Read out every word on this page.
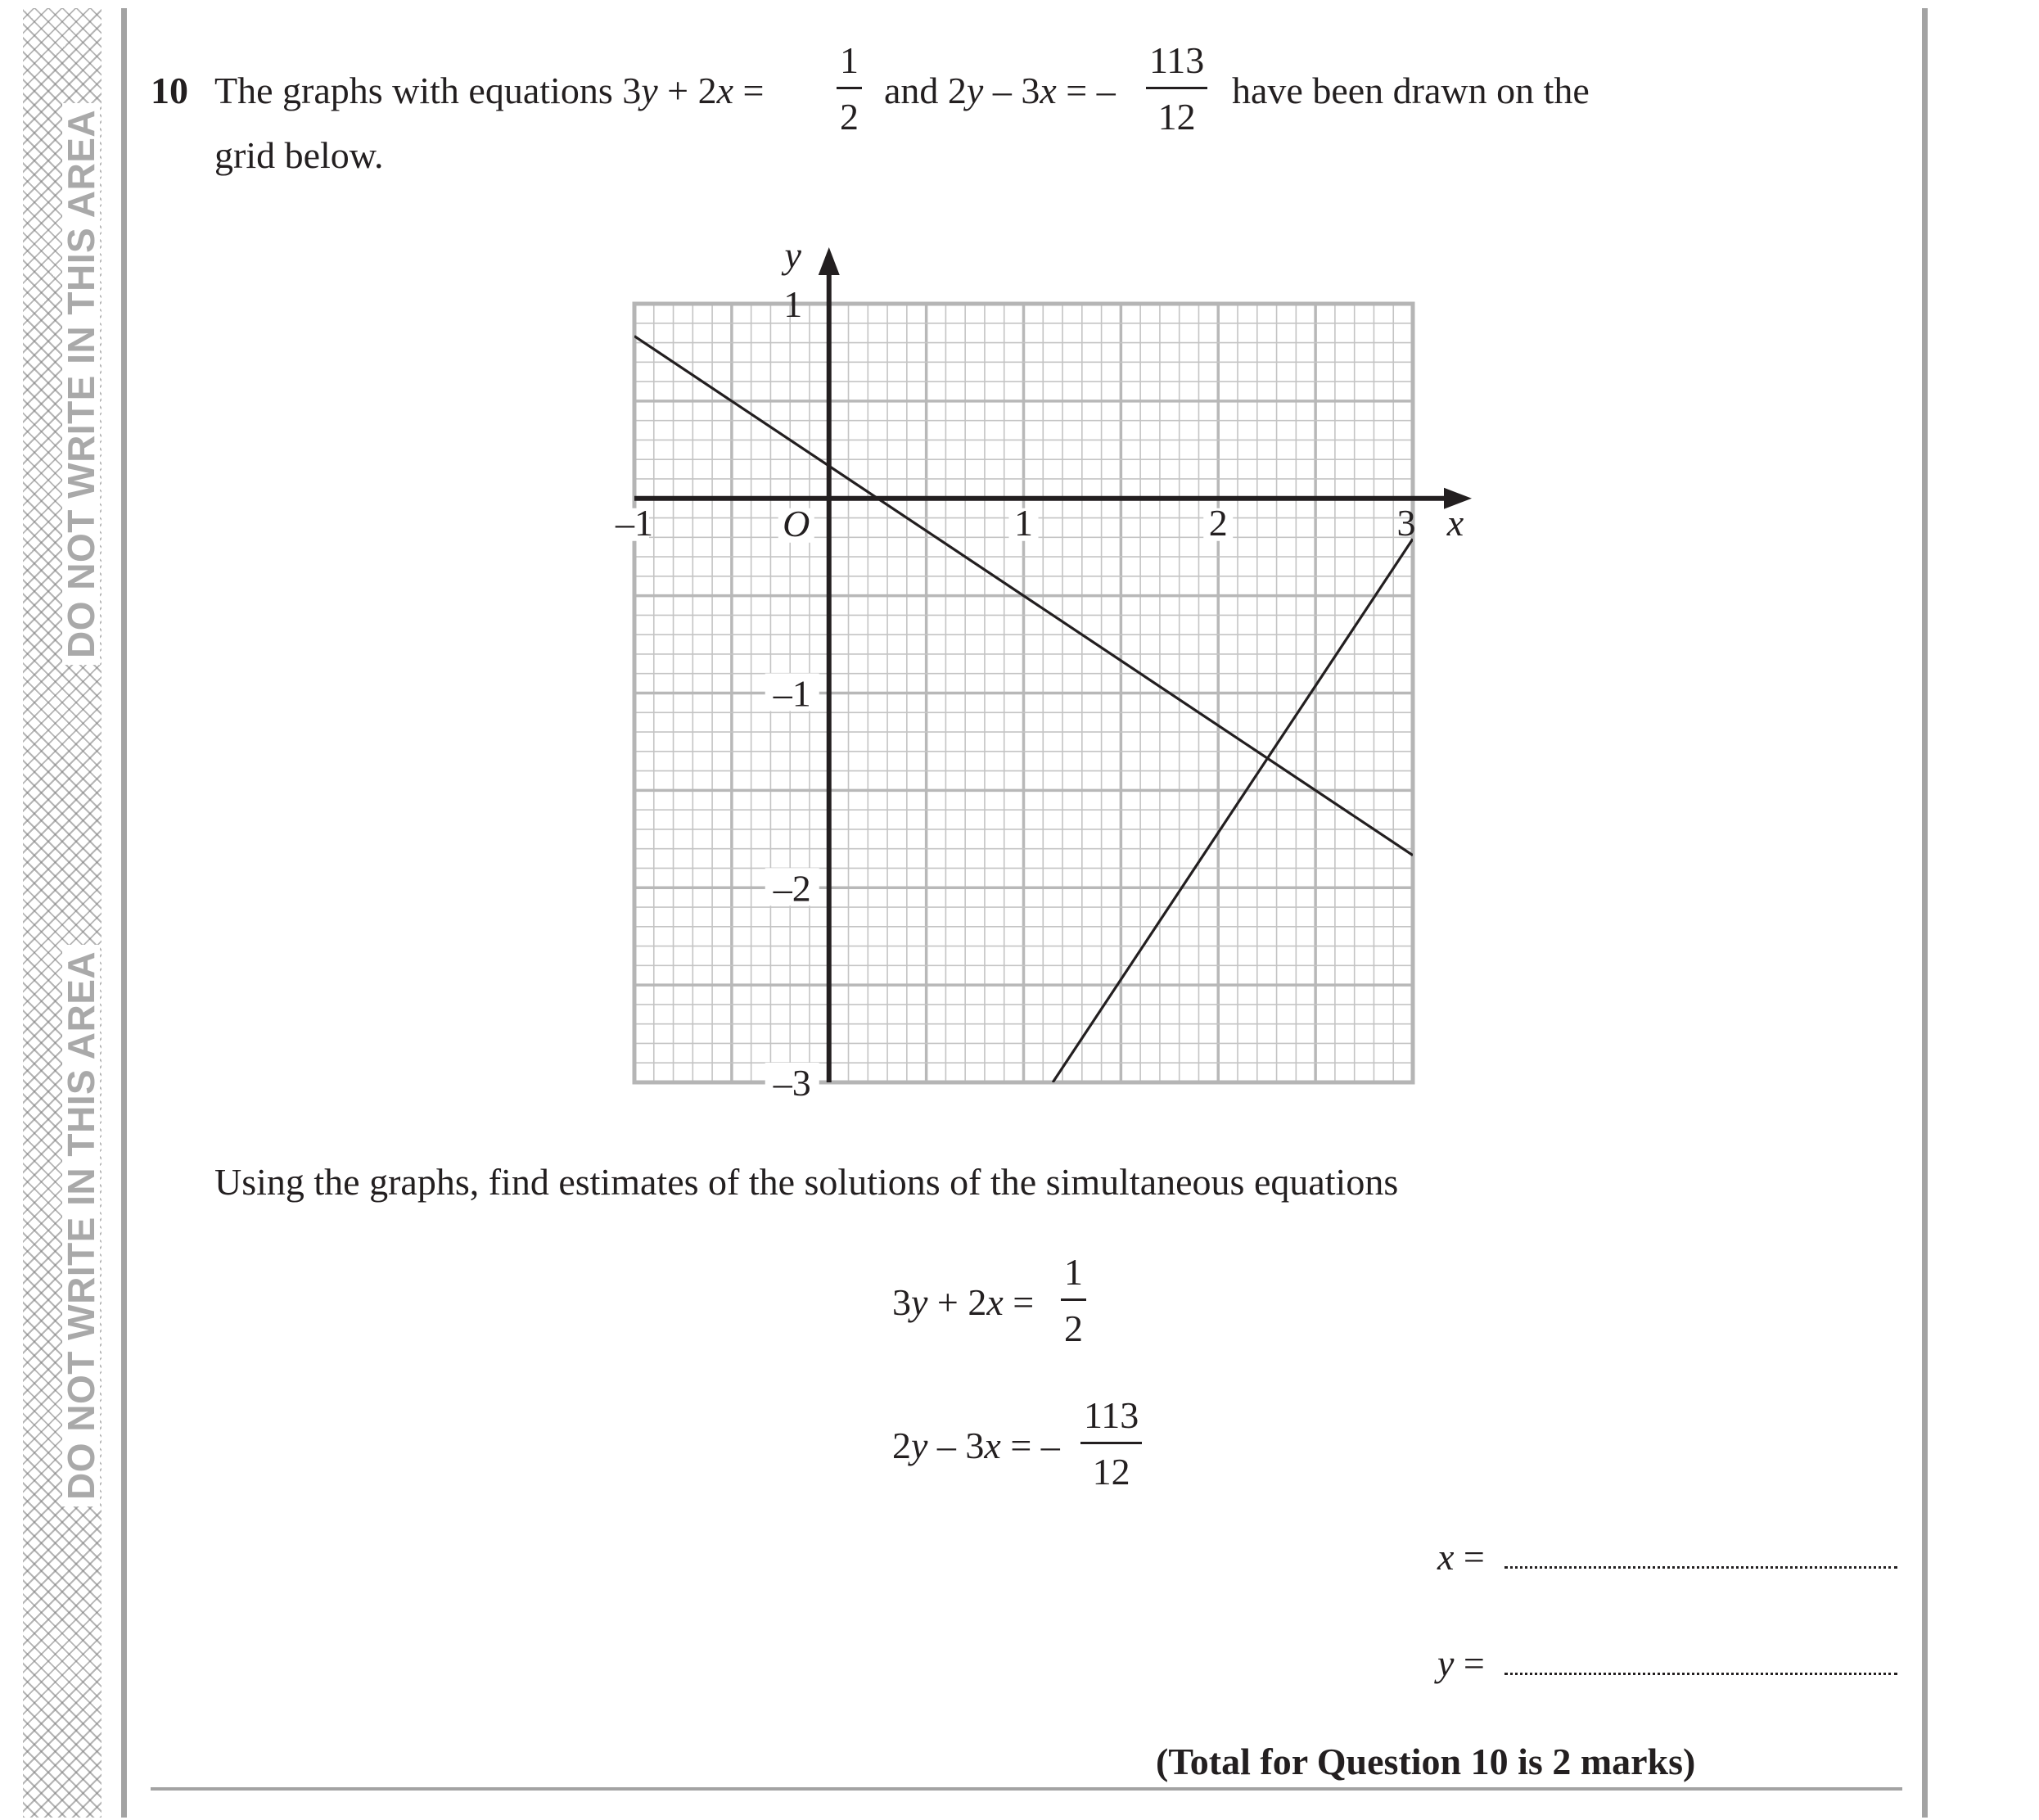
DO NOT WRITE IN THIS AREA
DO NOT WRITE IN THIS AREA
10 The graphs with equations $3y + 2x = \frac{1}{2}$ and 2y – 3x = – $\frac{113}{12}$ have been drawn on the
grid below.
–1	1	2	3
1
–1
–2
–3
O	x
y
Using the graphs, find estimates of the solutions of the simultaneous equations
$3y + 2x = \frac{1}{2}$
2y – 3x = – $\frac{113}{12}$
x =
y =
(Total for Question 10 is 2 marks)
